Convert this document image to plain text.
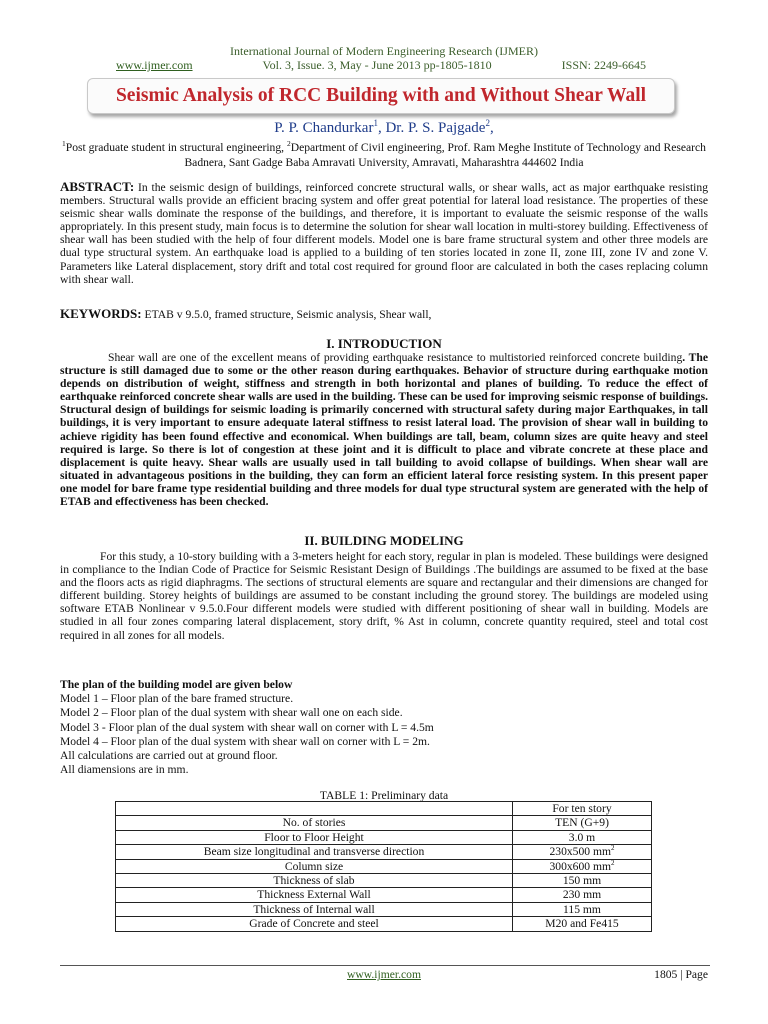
International Journal of Modern Engineering Research (IJMER)
www.ijmer.com	Vol. 3, Issue. 3, May - June 2013 pp-1805-1810	ISSN: 2249-6645
Seismic Analysis of RCC Building with and Without Shear Wall
P. P. Chandurkar$^1$, Dr. P. S. Pajgade$^2$,
$^1$Post graduate student in structural engineering, $^2$Department of Civil engineering, Prof. Ram Meghe Institute of Technology and Research Badnera, Sant Gadge Baba Amravati University, Amravati, Maharashtra 444602 India
ABSTRACT: In the seismic design of buildings, reinforced concrete structural walls, or shear walls, act as major earthquake resisting members. Structural walls provide an efficient bracing system and offer great potential for lateral load resistance. The properties of these seismic shear walls dominate the response of the buildings, and therefore, it is important to evaluate the seismic response of the walls appropriately. In this present study, main focus is to determine the solution for shear wall location in multi-storey building. Effectiveness of shear wall has been studied with the help of four different models. Model one is bare frame structural system and other three models are dual type structural system. An earthquake load is applied to a building of ten stories located in zone II, zone III, zone IV and zone V. Parameters like Lateral displacement, story drift and total cost required for ground floor are calculated in both the cases replacing column with shear wall.
KEYWORDS: ETAB v 9.5.0, framed structure, Seismic analysis, Shear wall,
I. INTRODUCTION
Shear wall are one of the excellent means of providing earthquake resistance to multistoried reinforced concrete building. The structure is still damaged due to some or the other reason during earthquakes. Behavior of structure during earthquake motion depends on distribution of weight, stiffness and strength in both horizontal and planes of building. To reduce the effect of earthquake reinforced concrete shear walls are used in the building. These can be used for improving seismic response of buildings. Structural design of buildings for seismic loading is primarily concerned with structural safety during major Earthquakes, in tall buildings, it is very important to ensure adequate lateral stiffness to resist lateral load. The provision of shear wall in building to achieve rigidity has been found effective and economical. When buildings are tall, beam, column sizes are quite heavy and steel required is large. So there is lot of congestion at these joint and it is difficult to place and vibrate concrete at these place and displacement is quite heavy. Shear walls are usually used in tall building to avoid collapse of buildings. When shear wall are situated in advantageous positions in the building, they can form an efficient lateral force resisting system. In this present paper one model for bare frame type residential building and three models for dual type structural system are generated with the help of ETAB and effectiveness has been checked.
II. BUILDING MODELING
For this study, a 10-story building with a 3-meters height for each story, regular in plan is modeled. These buildings were designed in compliance to the Indian Code of Practice for Seismic Resistant Design of Buildings .The buildings are assumed to be fixed at the base and the floors acts as rigid diaphragms. The sections of structural elements are square and rectangular and their dimensions are changed for different building. Storey heights of buildings are assumed to be constant including the ground storey. The buildings are modeled using software ETAB Nonlinear v 9.5.0.Four different models were studied with different positioning of shear wall in building. Models are studied in all four zones comparing lateral displacement, story drift, % Ast in column, concrete quantity required, steel and total cost required in all zones for all models.
The plan of the building model are given below
Model 1 – Floor plan of the bare framed structure.
Model 2 – Floor plan of the dual system with shear wall one on each side.
Model 3 - Floor plan of the dual system with shear wall on corner with L = 4.5m
Model 4 – Floor plan of the dual system with shear wall on corner with L = 2m.
All calculations are carried out at ground floor.
All diamensions are in mm.
TABLE 1: Preliminary data
	For ten story
No. of stories	TEN (G+9)
Floor to Floor Height	3.0 m
Beam size longitudinal and transverse direction	230x500 $mm^2$
Column size	300x600 $mm^2$
Thickness of slab	150 mm
Thickness External Wall	230 mm
Thickness of Internal wall	115 mm
Grade of Concrete and steel	M20 and Fe415
www.ijmer.com	1805 | Page
